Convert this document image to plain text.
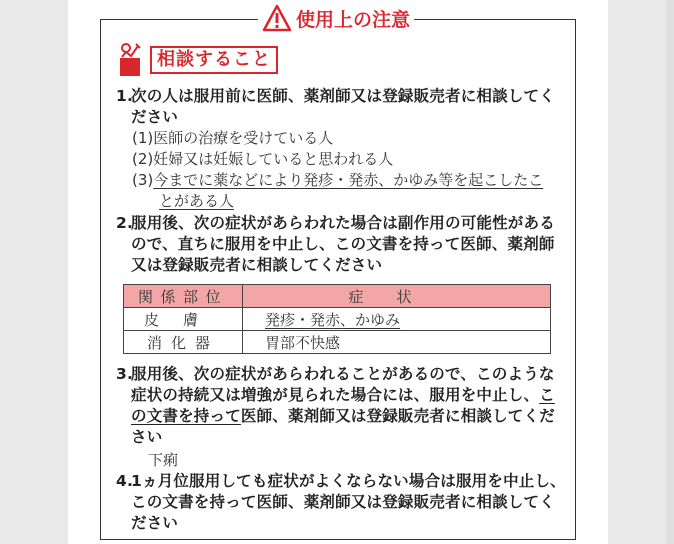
使用上の注意
相談すること
1.次の人は服用前に医師、薬剤師又は登録販売者に相談してく
ださい
(1)医師の治療を受けている人
(2)妊婦又は妊娠していると思われる人
(3)今までに薬などにより発疹・発赤、かゆみ等を起こしたこ
とがある人
2.服用後、次の症状があらわれた場合は副作用の可能性がある
ので、直ちに服用を中止し、この文書を持って医師、薬剤師
又は登録販売者に相談してください
関係部位	症状
皮膚	発疹・発赤、かゆみ
消化器	胃部不快感
3.服用後、次の症状があらわれることがあるので、このような
症状の持続又は増強が見られた場合には、服用を中止し、こ
の文書を持って医師、薬剤師又は登録販売者に相談してくだ
さい
下痢
4.1ヵ月位服用しても症状がよくならない場合は服用を中止し、
この文書を持って医師、薬剤師又は登録販売者に相談してく
ださい
